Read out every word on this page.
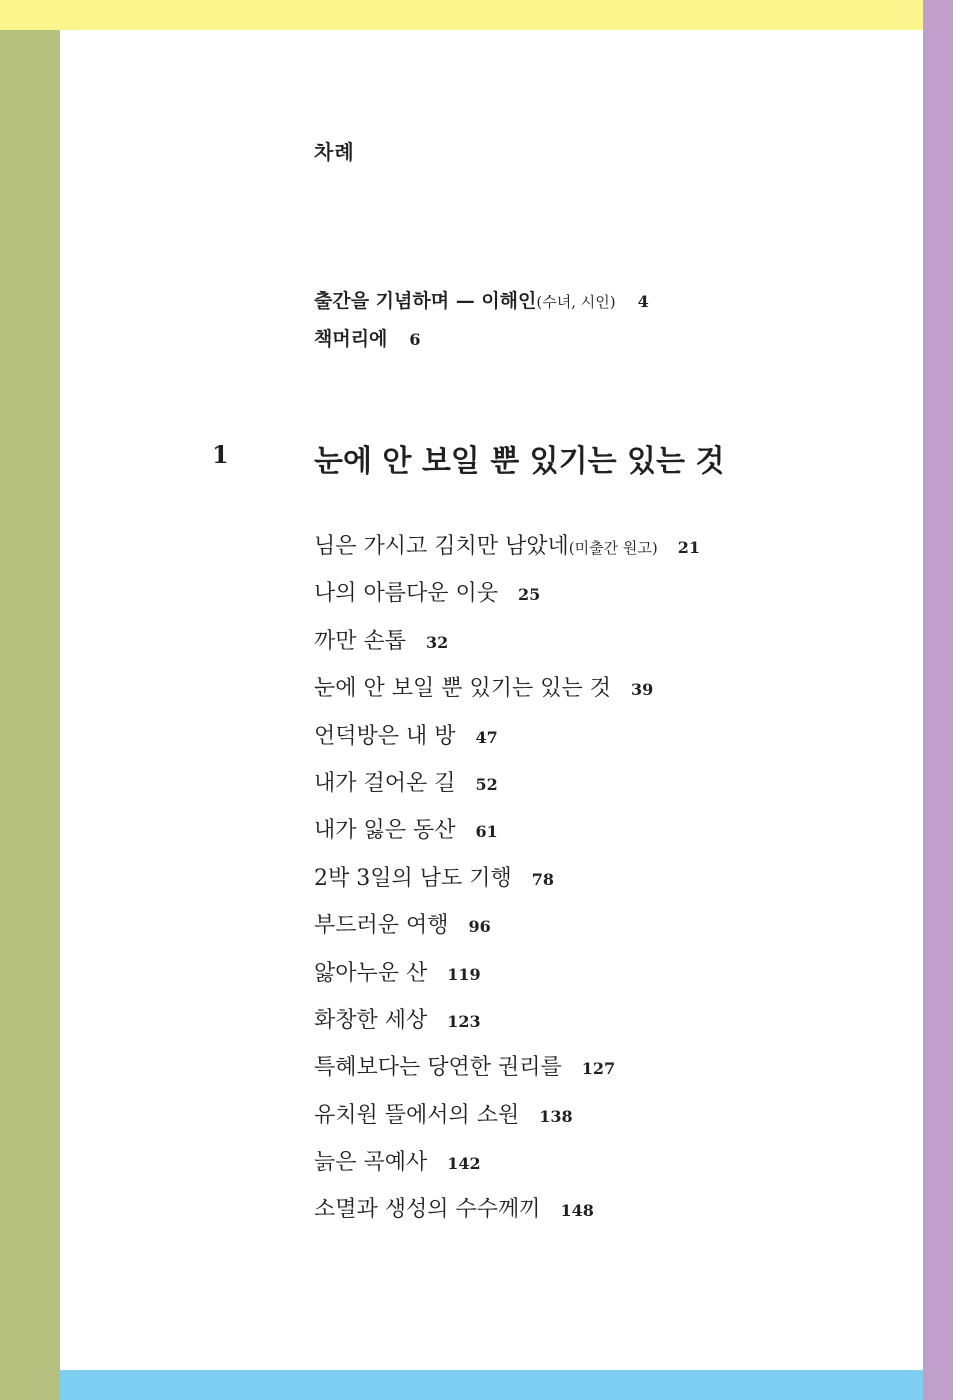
차례
출간을 기념하며 — 이해인(수녀, 시인) 4
책머리에 6
1	눈에 안 보일 뿐 있기는 있는 것
님은 가시고 김치만 남았네(미출간 원고) 21
나의 아름다운 이웃 25
까만 손톱 32
눈에 안 보일 뿐 있기는 있는 것 39
언덕방은 내 방 47
내가 걸어온 길 52
내가 잃은 동산 61
2박 3일의 남도 기행 78
부드러운 여행 96
앓아누운 산 119
화창한 세상 123
특혜보다는 당연한 권리를 127
유치원 뜰에서의 소원 138
늙은 곡예사 142
소멸과 생성의 수수께끼 148
